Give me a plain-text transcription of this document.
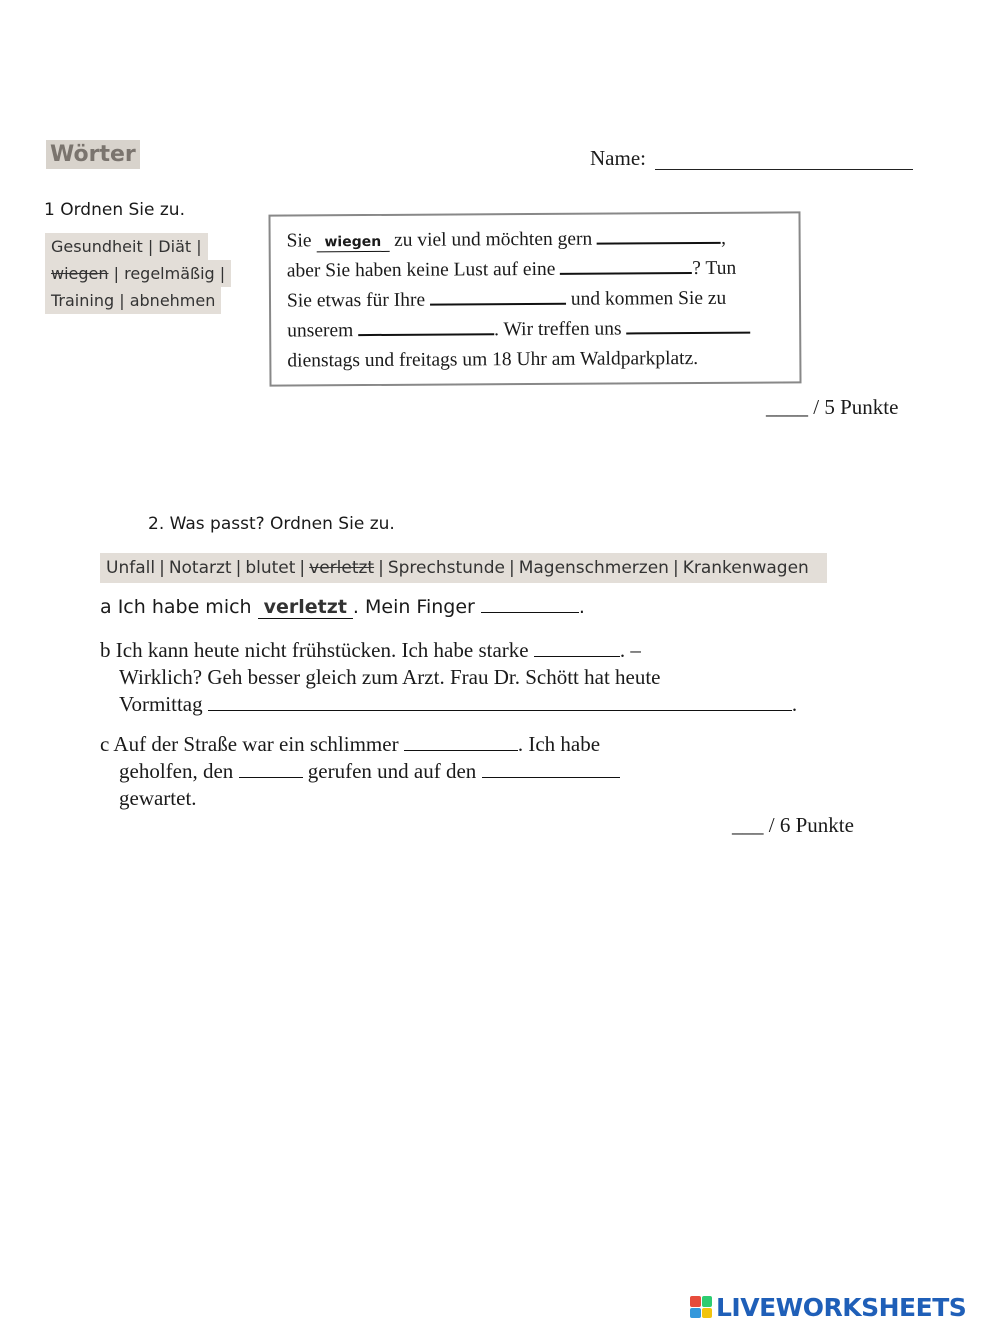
Wörter	Name:
1 Ordnen Sie zu.
Gesundheit | Diät |
wiegen | regelmäßig |
Training | abnehmen
Sie wiegen zu viel und möchten gern	,
aber Sie haben keine Lust auf eine	? Tun
Sie etwas für Ihre	und kommen Sie zu
unserem	. Wir treffen uns
dienstags und freitags um 18 Uhr am Waldparkplatz.
____ / 5 Punkte
2. Was passt? Ordnen Sie zu.
Unfall | Notarzt | blutet | verletzt | Sprechstunde | Magenschmerzen | Krankenwagen
a Ich habe mich verletzt . Mein Finger	.
b Ich kann heute nicht frühstücken. Ich habe starke	. –
Wirklich? Geh besser gleich zum Arzt. Frau Dr. Schött hat heute
Vormittag	.
c Auf der Straße war ein schlimmer	. Ich habe
geholfen, den	gerufen und auf den
gewartet.
___ / 6 Punkte
LIVEWORKSHEETS
